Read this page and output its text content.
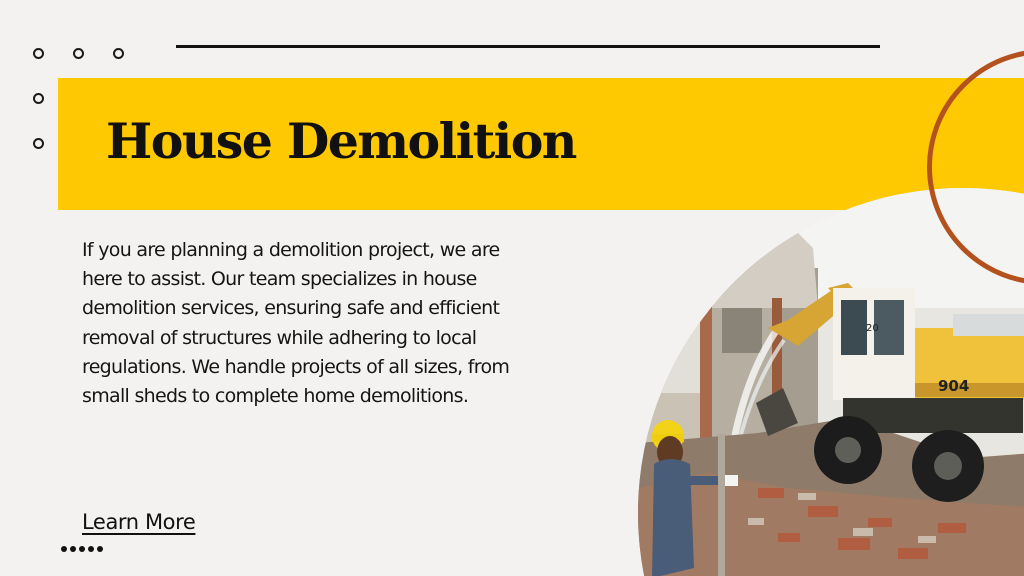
20
904
House Demolition

If you are planning a demolition project, we are here to assist. Our team specializes in house demolition services, ensuring safe and efficient removal of structures while adhering to local regulations. We handle projects of all sizes, from small sheds to complete home demolitions.

Learn More
